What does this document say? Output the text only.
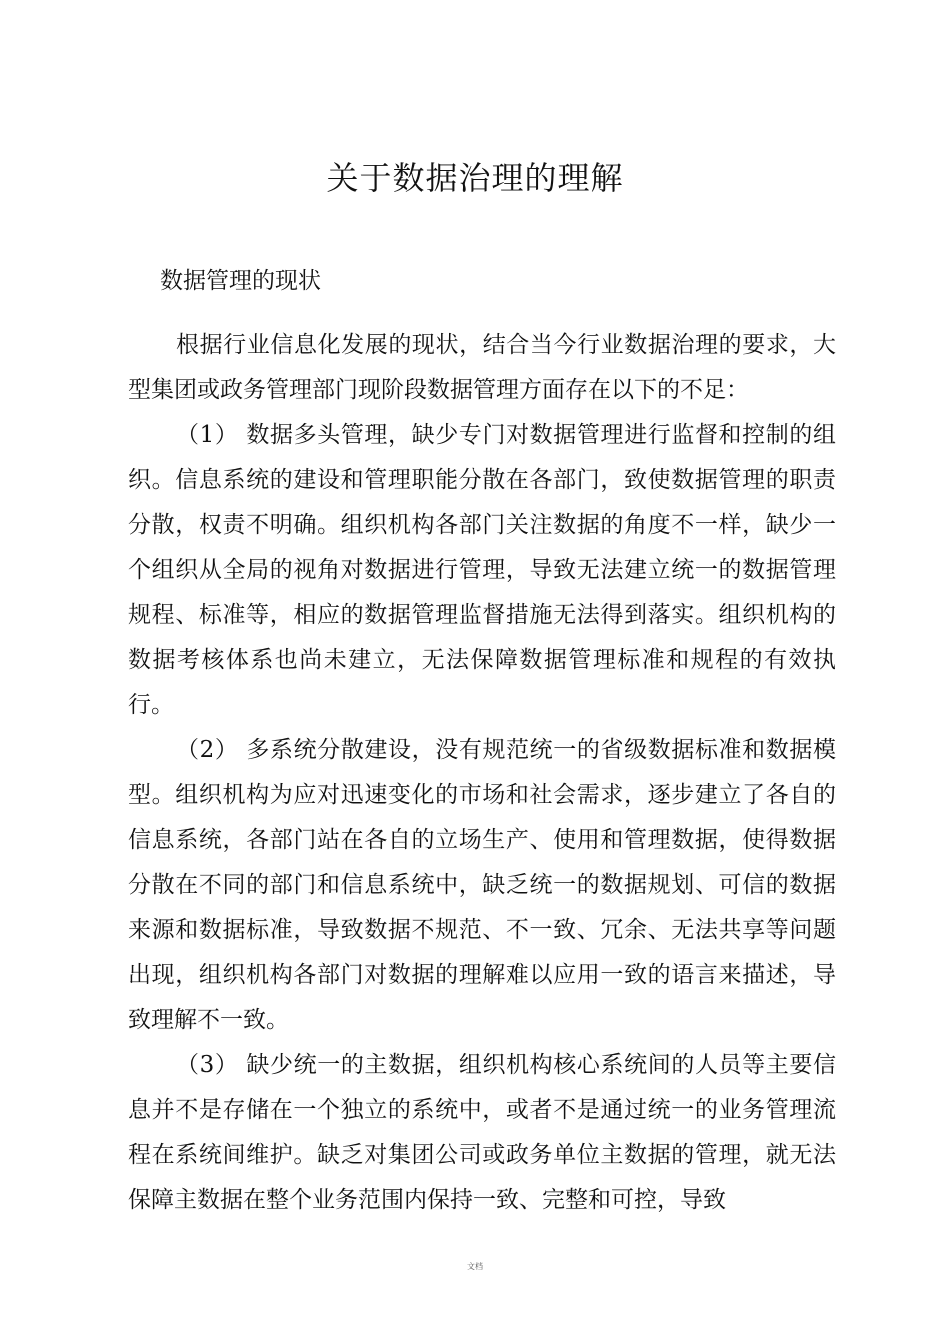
关于数据治理的理解
数据管理的现状

根据行业信息化发展的现状，结合当今行业数据治理的要求，大型集团或政务管理部门现阶段数据管理方面存在以下的不足：

（1） 数据多头管理，缺少专门对数据管理进行监督和控制的组织。信息系统的建设和管理职能分散在各部门，致使数据管理的职责分散，权责不明确。组织机构各部门关注数据的角度不一样，缺少一个组织从全局的视角对数据进行管理，导致无法建立统一的数据管理规程、标准等，相应的数据管理监督措施无法得到落实。组织机构的数据考核体系也尚未建立，无法保障数据管理标准和规程的有效执行。

（2） 多系统分散建设，没有规范统一的省级数据标准和数据模型。组织机构为应对迅速变化的市场和社会需求，逐步建立了各自的信息系统，各部门站在各自的立场生产、使用和管理数据，使得数据分散在不同的部门和信息系统中，缺乏统一的数据规划、可信的数据来源和数据标准，导致数据不规范、不一致、冗余、无法共享等问题出现，组织机构各部门对数据的理解难以应用一致的语言来描述，导致理解不一致。

（3） 缺少统一的主数据，组织机构核心系统间的人员等主要信息并不是存储在一个独立的系统中，或者不是通过统一的业务管理流程在系统间维护。缺乏对集团公司或政务单位主数据的管理，就无法保障主数据在整个业务范围内保持一致、完整和可控，导致

文档
